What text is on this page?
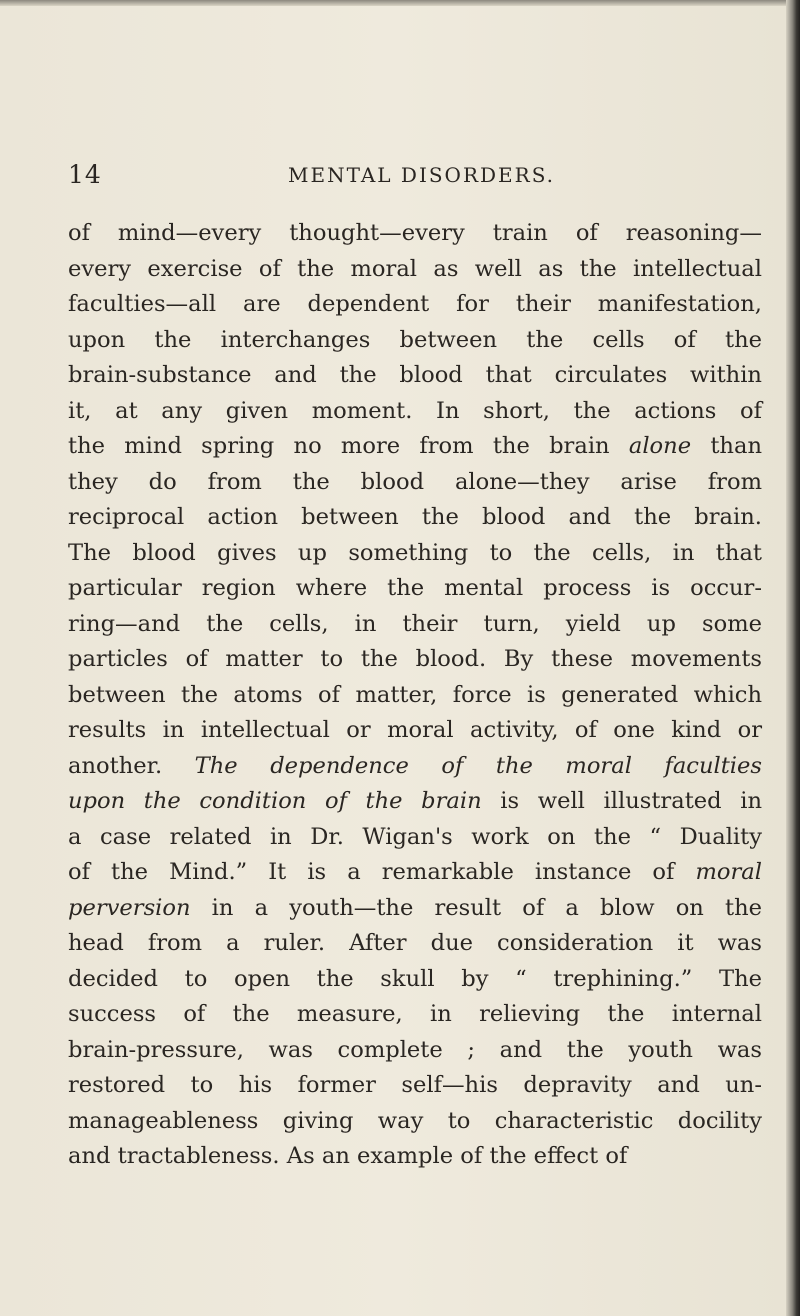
14	MENTAL DISORDERS.
of mind—every thought—every train of reasoning—
every exercise of the moral as well as the intellectual
faculties—all are dependent for their manifestation,
upon the interchanges between the cells of the
brain-substance and the blood that circulates within
it, at any given moment. In short, the actions of
the mind spring no more from the brain alone than
they do from the blood alone—they arise from
reciprocal action between the blood and the brain.
The blood gives up something to the cells, in that
particular region where the mental process is occur-
ring—and the cells, in their turn, yield up some
particles of matter to the blood. By these movements
between the atoms of matter, force is generated which
results in intellectual or moral activity, of one kind or
another. The dependence of the moral faculties
upon the condition of the brain is well illustrated in
a case related in Dr. Wigan's work on the “ Duality
of the Mind.” It is a remarkable instance of moral
perversion in a youth—the result of a blow on the
head from a ruler. After due consideration it was
decided to open the skull by “ trephining.” The
success of the measure, in relieving the internal
brain-pressure, was complete ; and the youth was
restored to his former self—his depravity and un-
manageableness giving way to characteristic docility
and tractableness. As an example of the effect of
